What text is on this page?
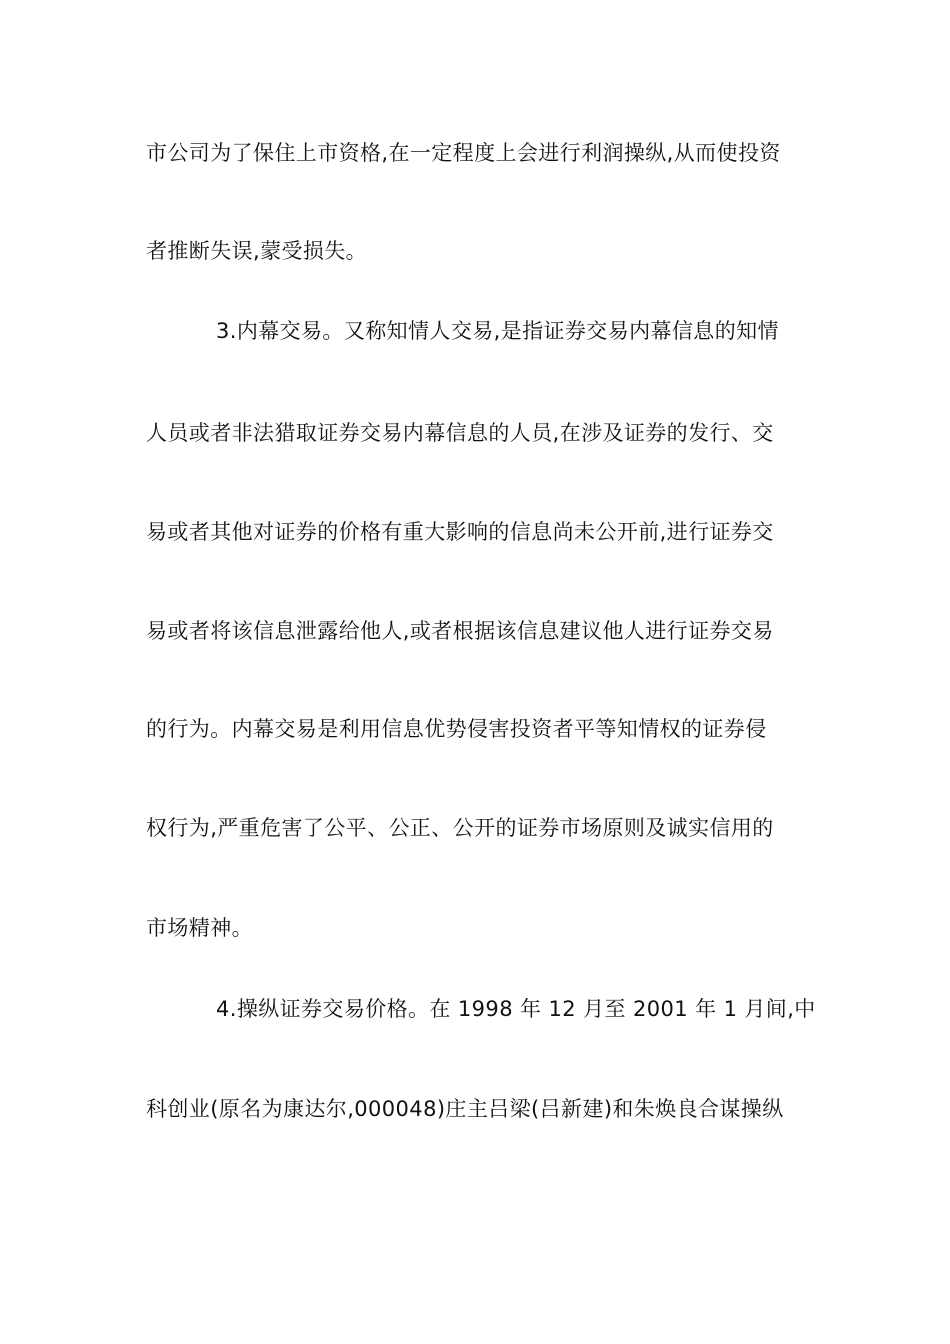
市公司为了保住上市资格,在一定程度上会进行利润操纵,从而使投资
者推断失误,蒙受损失。
3.内幕交易。又称知情人交易,是指证券交易内幕信息的知情
人员或者非法猎取证券交易内幕信息的人员,在涉及证券的发行、交
易或者其他对证券的价格有重大影响的信息尚未公开前,进行证券交
易或者将该信息泄露给他人,或者根据该信息建议他人进行证券交易
的行为。内幕交易是利用信息优势侵害投资者平等知情权的证券侵
权行为,严重危害了公平、公正、公开的证券市场原则及诚实信用的
市场精神。
4.操纵证券交易价格。在 1998 年 12 月至 2001 年 1 月间,中
科创业(原名为康达尔,000048)庄主吕梁(吕新建)和朱焕良合谋操纵
